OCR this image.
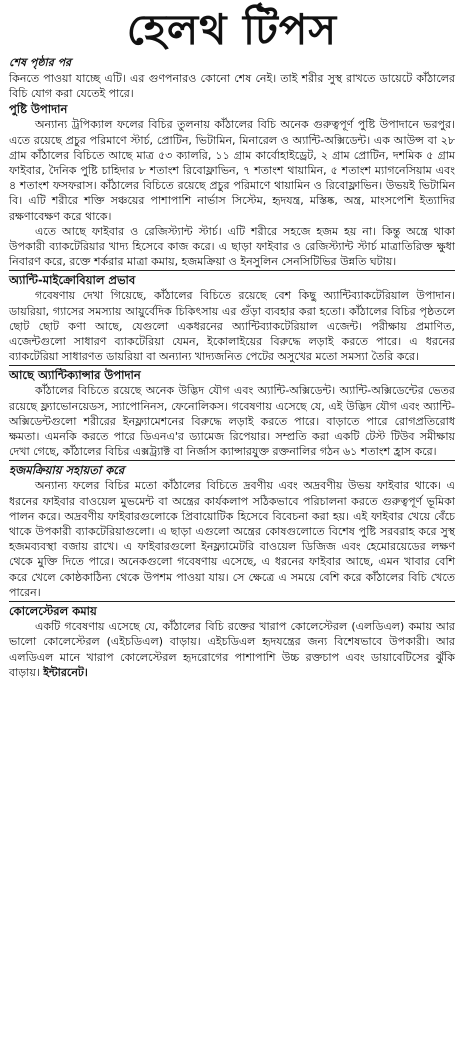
হেলথ টিপস
শেষ পৃষ্ঠার পর

কিনতে পাওয়া যাচ্ছে এটি। এর গুণপনারও কোনো শেষ নেই। তাই শরীর সুস্থ রাখতে ডায়েটে কাঁঠালের বিচি যোগ করা যেতেই পারে।

পুষ্টি উপাদান

অন্যান্য ট্রপিক্যাল ফলের বিচির তুলনায় কাঁঠালের বিচি অনেক গুরুত্বপূর্ণ পুষ্টি উপাদানে ভরপুর। এতে রয়েছে প্রচুর পরিমাণে স্টার্চ, প্রোটিন, ভিটামিন, মিনারেল ও অ্যান্টি-অক্সিডেন্ট। এক আউন্স বা ২৮ গ্রাম কাঁঠালের বিচিতে আছে মাত্র ৫৩ ক্যালরি, ১১ গ্রাম কার্বোহাইড্রেট, ২ গ্রাম প্রোটিন, দশমিক ৫ গ্রাম ফাইবার, দৈনিক পুষ্টি চাহিদার ৮ শতাংশ রিবোফ্লাভিন, ৭ শতাংশ থায়ামিন, ৫ শতাংশ ম্যাগনেসিয়াম এবং ৪ শতাংশ ফসফরাস। কাঁঠালের বিচিতে রয়েছে প্রচুর পরিমাণে থায়ামিন ও রিবোফ্লাভিন। উভয়ই ভিটামিন বি। এটি শরীরে শক্তি সঞ্চয়ের পাশাপাশি নার্ভাস সিস্টেম, হৃদযন্ত্র, মস্তিষ্ক, অন্ত্র, মাংসপেশি ইত্যাদির রক্ষণাবেক্ষণ করে থাকে।

এতে আছে ফাইবার ও রেজিস্ট্যান্ট স্টার্চ। এটি শরীরে সহজে হজম হয় না। কিন্তু অন্ত্রে থাকা উপকারী ব্যাকটেরিয়ার খাদ্য হিসেবে কাজ করে। এ ছাড়া ফাইবার ও রেজিস্ট্যান্ট স্টার্চ মাত্রাতিরিক্ত ক্ষুধা নিবারণ করে, রক্তে শর্করার মাত্রা কমায়, হজমক্রিয়া ও ইনসুলিন সেনসিটিভির উন্নতি ঘটায়।

অ্যান্টি-মাইক্রোবিয়াল প্রভাব

গবেষণায় দেখা গিয়েছে, কাঁঠালের বিচিতে রয়েছে বেশ কিছু অ্যান্টিব্যাকটেরিয়াল উপাদান। ডায়রিয়া, গ্যাসের সমস্যায় আয়ুর্বেদিক চিকিৎসায় এর গুঁড়া ব্যবহার করা হতো। কাঁঠালের বিচির পৃষ্ঠতলে ছোট ছোট কণা আছে, যেগুলো একধরনের অ্যান্টিব্যাকটেরিয়াল এজেন্ট। পরীক্ষায় প্রমাণিত, এজেন্টগুলো সাধারণ ব্যাকটেরিয়া যেমন, ইকোলাইয়ের বিরুদ্ধে লড়াই করতে পারে। এ ধরনের ব্যাকটেরিয়া সাধারণত ডায়রিয়া বা অন্যান্য খাদ্যজনিত পেটের অসুখের মতো সমস্যা তৈরি করে।

আছে অ্যান্টিক্যান্সার উপাদান

কাঁঠালের বিচিতে রয়েছে অনেক উদ্ভিদ যৌগ এবং অ্যান্টি-অক্সিডেন্ট। অ্যান্টি-অক্সিডেন্টের ভেতর রয়েছে ফ্ল্যাভোনয়েডস, স্যাপোনিনস, ফেনোলিকস। গবেষণায় এসেছে যে, এই উদ্ভিদ যৌগ এবং অ্যান্টি-অক্সিডেন্টগুলো শরীরের ইনফ্ল্যামেশনের বিরুদ্ধে লড়াই করতে পারে। বাড়াতে পারে রোগপ্রতিরোধ ক্ষমতা। এমনকি করতে পারে ডিএনএ'র ড্যামেজ রিপেয়ার। সম্প্রতি করা একটি টেস্ট টিউব সমীক্ষায় দেখা গেছে, কাঁঠালের বিচির এক্সট্র্যাক্ট বা নির্জাস ক্যান্সারযুক্ত রক্তনালির গঠন ৬১ শতাংশ হ্রাস করে।

হজমক্রিয়ায় সহায়তা করে

অন্যান্য ফলের বিচির মতো কাঁঠালের বিচিতে দ্রবণীয় এবং অদ্রবণীয় উভয় ফাইবার থাকে। এ ধরনের ফাইবার বাওয়েল মুভমেন্ট বা অন্ত্রের কার্যকলাপ সঠিকভাবে পরিচালনা করতে গুরুত্বপূর্ণ ভূমিকা পালন করে। অদ্রবণীয় ফাইবারগুলোকে প্রিবায়োটিক হিসেবে বিবেচনা করা হয়। এই ফাইবার খেয়ে বেঁচে থাকে উপকারী ব্যাকটেরিয়াগুলো। এ ছাড়া এগুলো অন্ত্রের কোষগুলোতে বিশেষ পুষ্টি সরবরাহ করে সুস্থ হজমব্যবস্থা বজায় রাখে। এ ফাইবারগুলো ইনফ্ল্যামেটরি বাওয়েল ডিজিজ এবং হেমোরয়েডের লক্ষণ থেকে মুক্তি দিতে পারে। অনেকগুলো গবেষণায় এসেছে, এ ধরনের ফাইবার আছে, এমন খাবার বেশি করে খেলে কোষ্ঠকাঠিন্য থেকে উপশম পাওয়া যায়। সে ক্ষেত্রে এ সময়ে বেশি করে কাঁঠালের বিচি খেতে পারেন।

কোলেস্টেরল কমায়

একটি গবেষণায় এসেছে যে, কাঁঠালের বিচি রক্তের খারাপ কোলেস্টেরল (এলডিএল) কমায় আর ভালো কোলেস্টেরল (এইচডিএল) বাড়ায়। এইচডিএল হৃদযন্ত্রের জন্য বিশেষভাবে উপকারী। আর এলডিএল মানে খারাপ কোলেস্টেরল হৃদরোগের পাশাপাশি উচ্চ রক্তচাপ এবং ডায়াবেটিসের ঝুঁকি বাড়ায়। ইন্টারনেট।
